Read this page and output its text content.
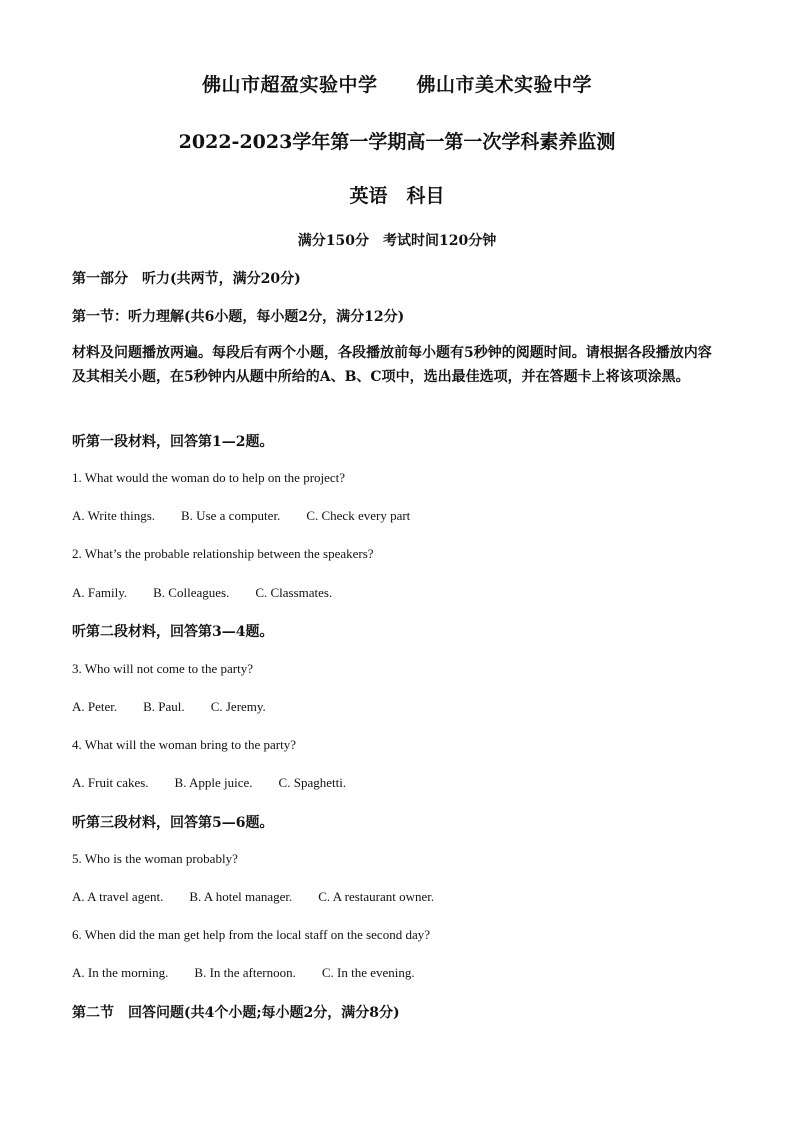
佛山市超盈实验中学　　佛山市美术实验中学
2022-2023学年第一学期高一第一次学科素养监测
英语　科目
满分150分　考试时间120分钟
第一部分　听力(共两节，满分20分)
第一节：听力理解(共6小题，每小题2分，满分12分)
材料及问题播放两遍。每段后有两个小题，各段播放前每小题有5秒钟的阅题时间。请根据各段播放内容及其相关小题，在5秒钟内从题中所给的A、B、C项中，选出最佳选项，并在答题卡上将该项涂黑。
听第一段材料，回答第1—2题。
1. What would the woman do to help on the project?
A. Write things. B. Use a computer. C. Check every part
2. What’s the probable relationship between the speakers?
A. Family. B. Colleagues. C. Classmates.
听第二段材料，回答第3—4题。
3. Who will not come to the party?
A. Peter. B. Paul. C. Jeremy.
4. What will the woman bring to the party?
A. Fruit cakes. B. Apple juice. C. Spaghetti.
听第三段材料，回答第5—6题。
5. Who is the woman probably?
A. A travel agent. B. A hotel manager. C. A restaurant owner.
6. When did the man get help from the local staff on the second day?
A. In the morning. B. In the afternoon. C. In the evening.
第二节　回答问题(共4个小题;每小题2分，满分8分)
